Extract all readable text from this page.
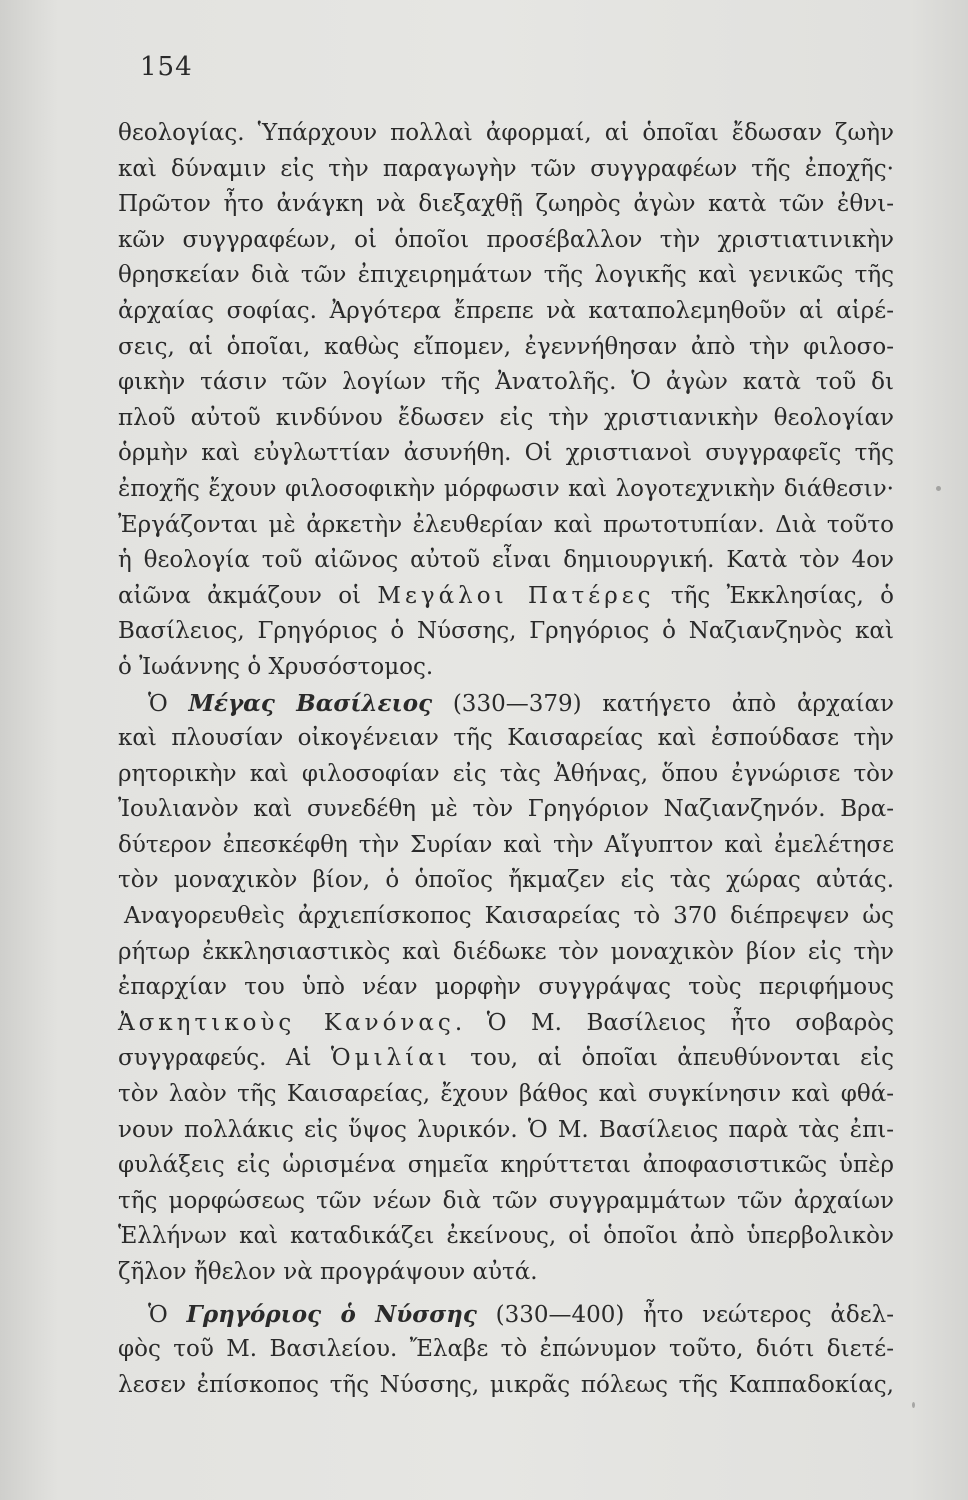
154
θεολογίας. Ὑπάρχουν πολλαὶ ἀφορμαί, αἱ ὁποῖαι ἔδωσαν ζωὴν
καὶ δύναμιν εἰς τὴν παραγωγὴν τῶν συγγραφέων τῆς ἐποχῆς·
Πρῶτον ἦτο ἀνάγκη νὰ διεξαχθῇ ζωηρὸς ἀγὼν κατὰ τῶν ἐθνι-
κῶν συγγραφέων, οἱ ὁποῖοι προσέβαλλον τὴν χριστιατινικὴν
θρησκείαν διὰ τῶν ἐπιχειρημάτων τῆς λογικῆς καὶ γενικῶς τῆς
ἀρχαίας σοφίας. Ἀργότερα ἔπρεπε νὰ καταπολεμηθοῦν αἱ αἱρέ-
σεις, αἱ ὁποῖαι, καθὼς εἴπομεν, ἐγεννήθησαν ἀπὸ τὴν φιλοσο-
φικὴν τάσιν τῶν λογίων τῆς Ἀνατολῆς. Ὁ ἀγὼν κατὰ τοῦ δι
πλοῦ αὐτοῦ κινδύνου ἔδωσεν εἰς τὴν χριστιανικὴν θεολογίαν
ὁρμὴν καὶ εὐγλωττίαν ἀσυνήθη. Οἱ χριστιανοὶ συγγραφεῖς τῆς
ἐποχῆς ἔχουν φιλοσοφικὴν μόρφωσιν καὶ λογοτεχνικὴν διάθεσιν·
Ἐργάζονται μὲ ἀρκετὴν ἐλευθερίαν καὶ πρωτοτυπίαν. Διὰ τοῦτο
ἡ θεολογία τοῦ αἰῶνος αὐτοῦ εἶναι δημιουργική. Κατὰ τὸν 4ον
αἰῶνα ἀκμάζουν οἱ Μεγάλοι Πατέρες τῆς Ἐκκλησίας, ὁ
Βασίλειος, Γρηγόριος ὁ Νύσσης, Γρηγόριος ὁ Ναζιανζηνὸς καὶ
ὁ Ἰωάννης ὁ Χρυσόστομος.
Ὁ Μέγας Βασίλειος (330—379) κατήγετο ἀπὸ ἀρχαίαν
καὶ πλουσίαν οἰκογένειαν τῆς Καισαρείας καὶ ἐσπούδασε τὴν
ρητορικὴν καὶ φιλοσοφίαν εἰς τὰς Ἀθήνας, ὅπου ἐγνώρισε τὸν
Ἰουλιανὸν καὶ συνεδέθη μὲ τὸν Γρηγόριον Ναζιανζηνόν. Βρα-
δύτερον ἐπεσκέφθη τὴν Συρίαν καὶ τὴν Αἴγυπτον καὶ ἐμελέτησε
τὸν μοναχικὸν βίον, ὁ ὁποῖος ἤκμαζεν εἰς τὰς χώρας αὐτάς.
Αναγορευθεὶς ἀρχιεπίσκοπος Καισαρείας τὸ 370 διέπρεψεν ὡς
ρήτωρ ἐκκλησιαστικὸς καὶ διέδωκε τὸν μοναχικὸν βίον εἰς τὴν
ἐπαρχίαν του ὑπὸ νέαν μορφὴν συγγράψας τοὺς περιφήμους
Ἀσκητικοὺς Κανόνας. Ὁ Μ. Βασίλειος ἦτο σοβαρὸς
συγγραφεύς. Αἱ Ὁμιλίαι του, αἱ ὁποῖαι ἀπευθύνονται εἰς
τὸν λαὸν τῆς Καισαρείας, ἔχουν βάθος καὶ συγκίνησιν καὶ φθά-
νουν πολλάκις εἰς ὕψος λυρικόν. Ὁ Μ. Βασίλειος παρὰ τὰς ἐπι-
φυλάξεις εἰς ὡρισμένα σημεῖα κηρύττεται ἀποφασιστικῶς ὑπὲρ
τῆς μορφώσεως τῶν νέων διὰ τῶν συγγραμμάτων τῶν ἀρχαίων
Ἑλλήνων καὶ καταδικάζει ἐκείνους, οἱ ὁποῖοι ἀπὸ ὑπερβολικὸν
ζῆλον ἤθελον νὰ προγράψουν αὐτά.
Ὁ Γρηγόριος ὁ Νύσσης (330—400) ἦτο νεώτερος ἀδελ-
φὸς τοῦ Μ. Βασιλείου. Ἔλαβε τὸ ἐπώνυμον τοῦτο, διότι διετέ-
λεσεν ἐπίσκοπος τῆς Νύσσης, μικρᾶς πόλεως τῆς Καππαδοκίας,
